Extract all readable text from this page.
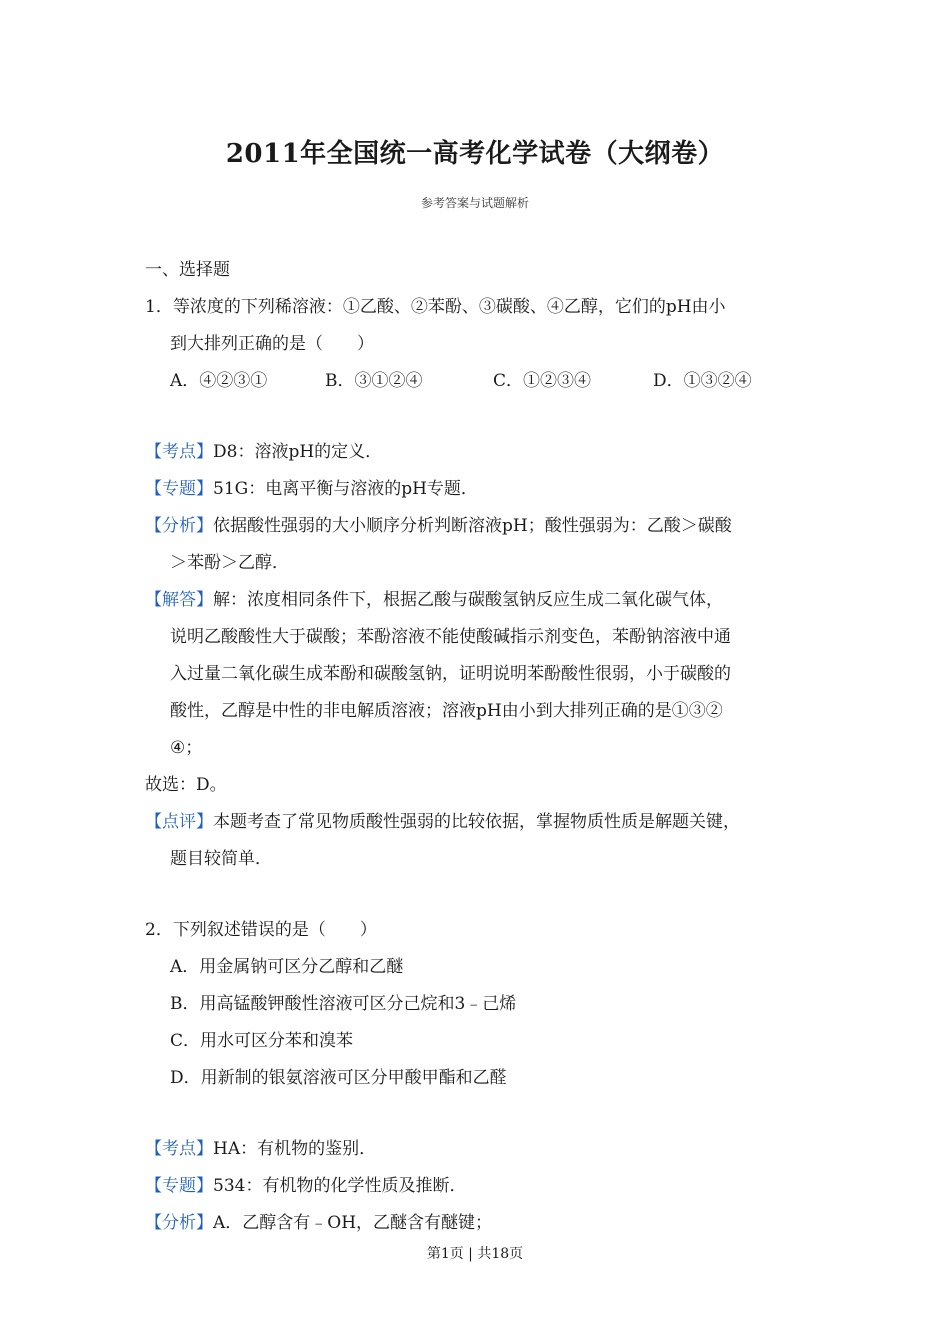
2011年全国统一高考化学试卷（大纲卷）
参考答案与试题解析
一、选择题
1．等浓度的下列稀溶液：①乙酸、②苯酚、③碳酸、④乙醇，它们的pH由小
到大排列正确的是（　　）
A．④②③①	B．③①②④	C．①②③④	D．①③②④
【考点】D8：溶液pH的定义．
【专题】51G：电离平衡与溶液的pH专题．
【分析】依据酸性强弱的大小顺序分析判断溶液pH；酸性强弱为：乙酸＞碳酸
＞苯酚＞乙醇．
【解答】解：浓度相同条件下，根据乙酸与碳酸氢钠反应生成二氧化碳气体，
说明乙酸酸性大于碳酸；苯酚溶液不能使酸碱指示剂变色，苯酚钠溶液中通
入过量二氧化碳生成苯酚和碳酸氢钠，证明说明苯酚酸性很弱，小于碳酸的
酸性，乙醇是中性的非电解质溶液；溶液pH由小到大排列正确的是①③②
④；
故选：D。
【点评】本题考查了常见物质酸性强弱的比较依据，掌握物质性质是解题关键，
题目较简单．
2．下列叙述错误的是（　　）
A．用金属钠可区分乙醇和乙醚
B．用高锰酸钾酸性溶液可区分己烷和3﹣己烯
C．用水可区分苯和溴苯
D．用新制的银氨溶液可区分甲酸甲酯和乙醛
【考点】HA：有机物的鉴别．
【专题】534：有机物的化学性质及推断．
【分析】A．乙醇含有﹣OH，乙醚含有醚键；
第1页 | 共18页
